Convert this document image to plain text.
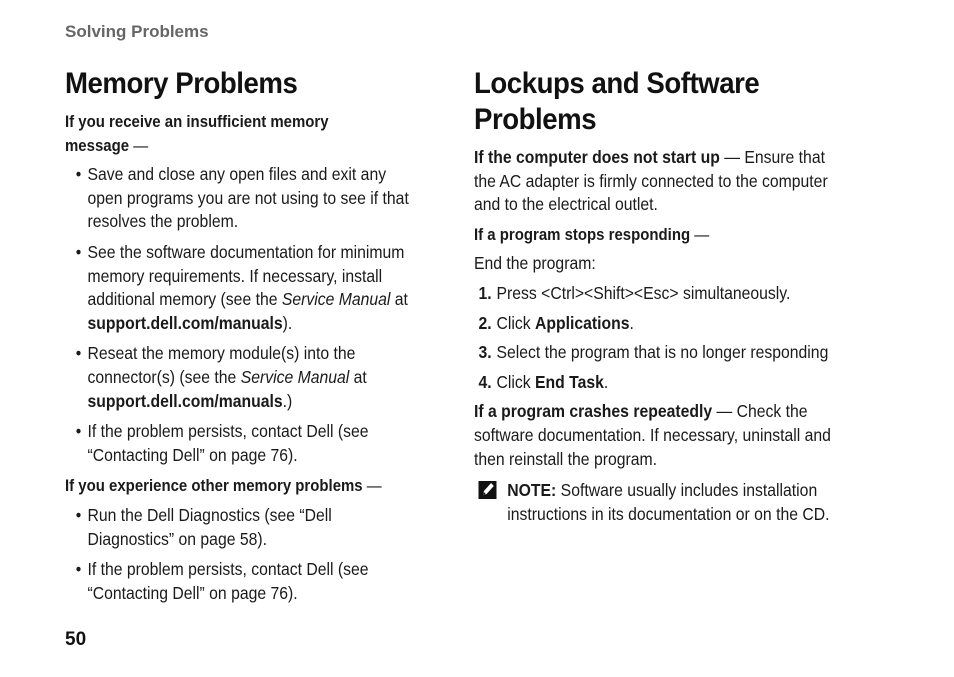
Solving Problems
Memory Problems
If you receive an insufficient memory
message —
• Save and close any open files and exit any open programs you are not using to see if that resolves the problem.
• See the software documentation for minimum memory requirements. If necessary, install additional memory (see the Service Manual at support.dell.com/manuals).
• Reseat the memory module(s) into the connector(s) (see the Service Manual at support.dell.com/manuals.)
• If the problem persists, contact Dell (see “Contacting Dell” on page 76).
If you experience other memory problems —
• Run the Dell Diagnostics (see “Dell Diagnostics” on page 58).
• If the problem persists, contact Dell (see “Contacting Dell” on page 76).
Lockups and Software
Problems
If the computer does not start up — Ensure that the AC adapter is firmly connected to the computer and to the electrical outlet.
If a program stops responding —
End the program:
1. Press <Ctrl><Shift><Esc> simultaneously.
2. Click Applications.
3. Select the program that is no longer responding
4. Click End Task.
If a program crashes repeatedly — Check the software documentation. If necessary, uninstall and then reinstall the program.
NOTE: Software usually includes installation instructions in its documentation or on the CD.
50
